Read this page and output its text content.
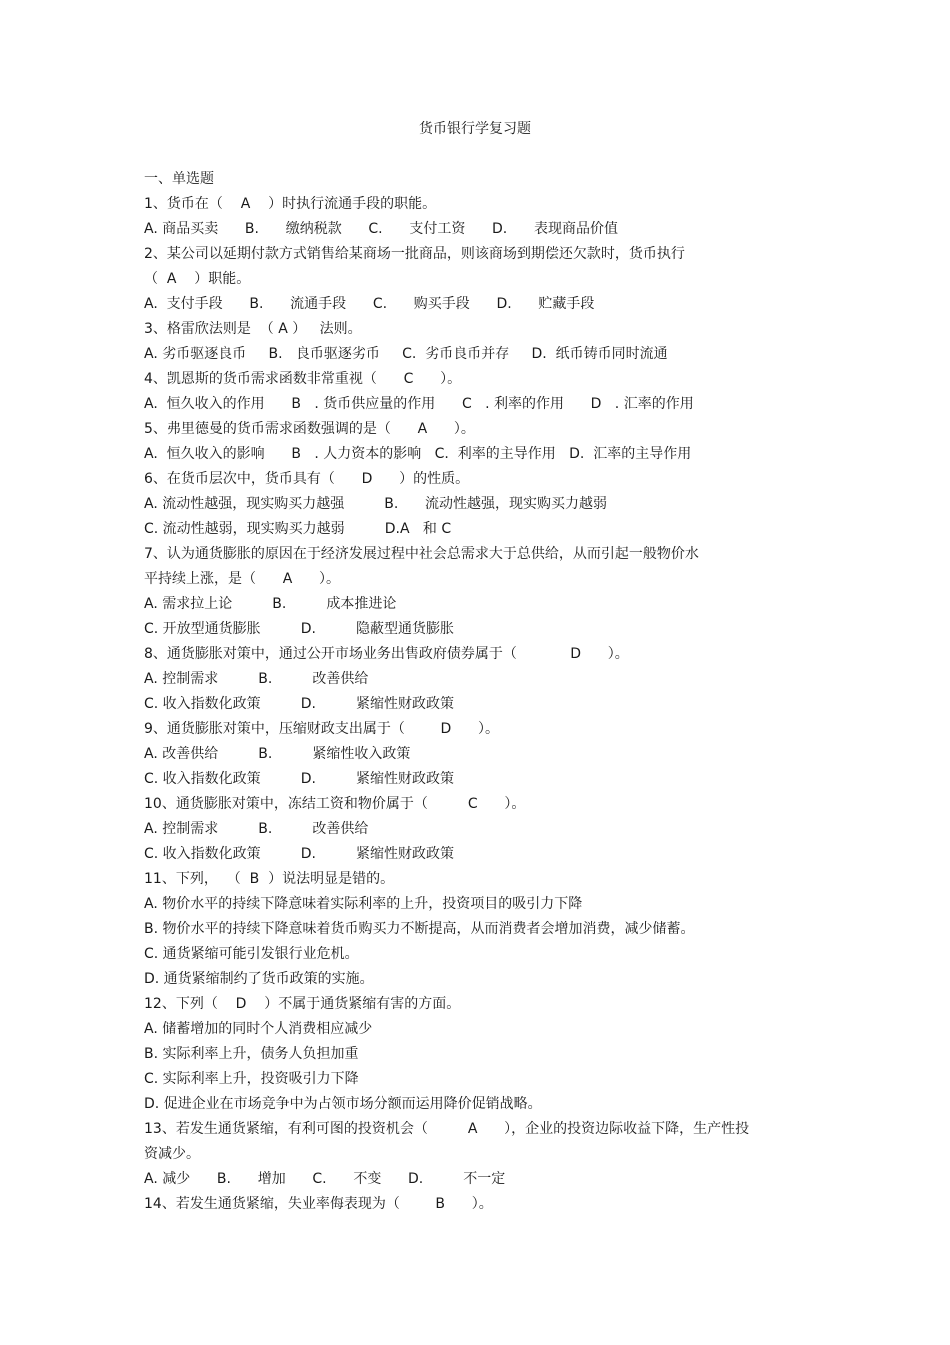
货币银行学复习题
一、单选题
1、货币在（    A    ）时执行流通手段的职能。
A. 商品买卖      B.      缴纳税款      C.      支付工资      D.      表现商品价值
2、某公司以延期付款方式销售给某商场一批商品，则该商场到期偿还欠款时，货币执行
（  A    ）职能。
A.  支付手段      B.      流通手段      C.      购买手段      D.      贮藏手段
3、格雷欣法则是  （ A ）   法则。
A. 劣币驱逐良币     B.   良币驱逐劣币     C.  劣币良币并存     D.  纸币铸币同时流通
4、凯恩斯的货币需求函数非常重视（      C      ）。
A.  恒久收入的作用      B   . 货币供应量的作用      C   . 利率的作用      D   . 汇率的作用
5、弗里德曼的货币需求函数强调的是（      A      ）。
A.  恒久收入的影响      B   . 人力资本的影响   C.  利率的主导作用   D.  汇率的主导作用
6、在货币层次中，货币具有（      D      ）的性质。
A. 流动性越强，现实购买力越强         B.      流动性越强，现实购买力越弱
C. 流动性越弱，现实购买力越弱         D.A   和 C
7、认为通货膨胀的原因在于经济发展过程中社会总需求大于总供给，从而引起一般物价水
平持续上涨，是（      A      ）。
A. 需求拉上论         B.         成本推进论
C. 开放型通货膨胀         D.         隐蔽型通货膨胀
8、通货膨胀对策中，通过公开市场业务出售政府债券属于（            D      ）。
A. 控制需求         B.         改善供给
C. 收入指数化政策         D.         紧缩性财政政策
9、通货膨胀对策中，压缩财政支出属于（        D      ）。
A. 改善供给         B.         紧缩性收入政策
C. 收入指数化政策         D.         紧缩性财政政策
10、通货膨胀对策中，冻结工资和物价属于（         C      ）。
A. 控制需求         B.         改善供给
C. 收入指数化政策         D.         紧缩性财政政策
11、下列，  （  B  ）说法明显是错的。
A. 物价水平的持续下降意味着实际利率的上升，投资项目的吸引力下降
B. 物价水平的持续下降意味着货币购买力不断提高，从而消费者会增加消费，减少储蓄。
C. 通货紧缩可能引发银行业危机。
D. 通货紧缩制约了货币政策的实施。
12、下列（    D    ）不属于通货紧缩有害的方面。
A. 储蓄增加的同时个人消费相应减少
B. 实际利率上升，债务人负担加重
C. 实际利率上升，投资吸引力下降
D. 促进企业在市场竞争中为占领市场分额而运用降价促销战略。
13、若发生通货紧缩，有利可图的投资机会（         A      ），企业的投资边际收益下降，生产性投
资减少。
A. 减少      B.      增加      C.      不变      D.         不一定
14、若发生通货紧缩，失业率侮表现为（        B      ）。
